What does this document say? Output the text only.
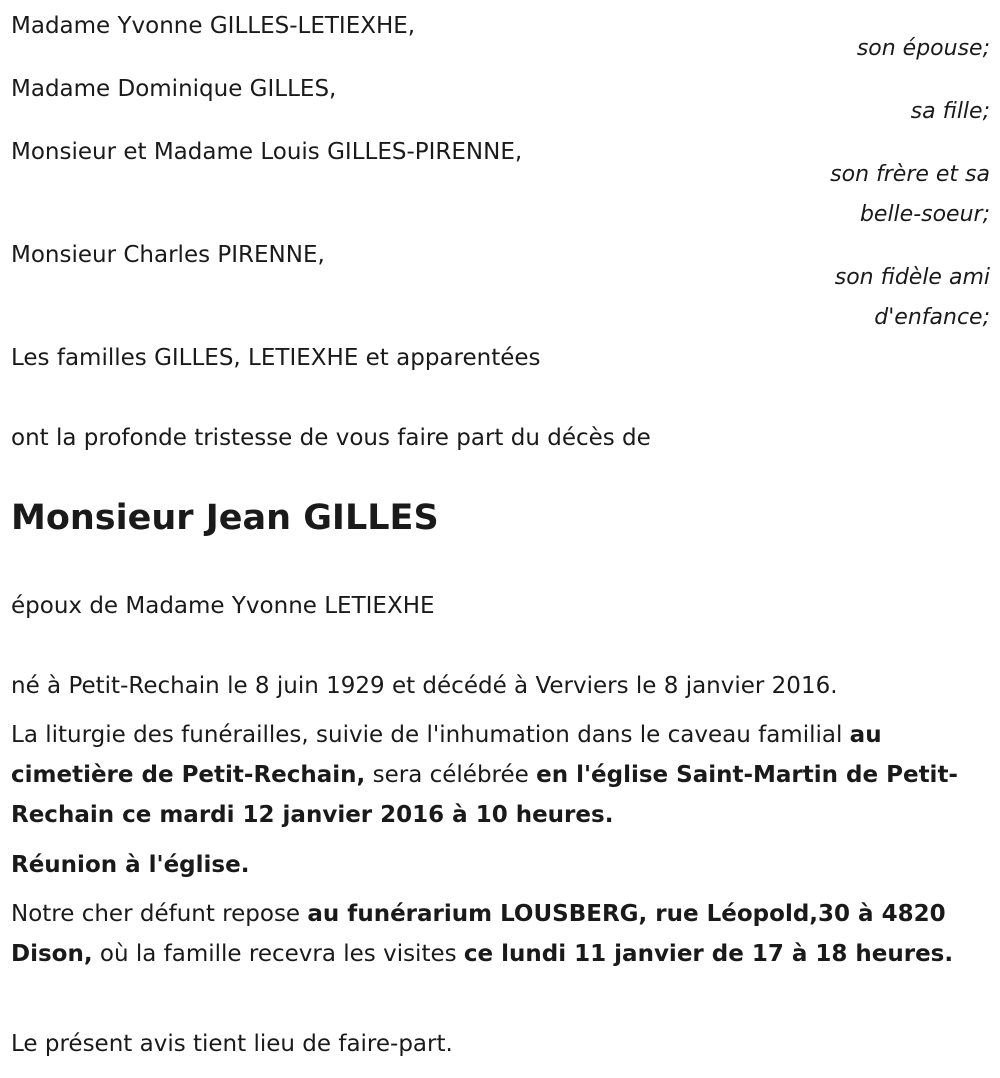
Madame Yvonne GILLES-LETIEXHE,
son épouse;
Madame Dominique GILLES,
sa fille;
Monsieur et Madame Louis GILLES-PIRENNE,
son frère et sa
belle-soeur;
Monsieur Charles PIRENNE,
son fidèle ami
d'enfance;
Les familles GILLES, LETIEXHE et apparentées
ont la profonde tristesse de vous faire part du décès de
Monsieur Jean GILLES
époux de Madame Yvonne LETIEXHE
né à Petit-Rechain le 8 juin 1929 et décédé à Verviers le 8 janvier 2016.
La liturgie des funérailles, suivie de l'inhumation dans le caveau familial au cimetière de Petit-Rechain, sera célébrée en l'église Saint-Martin de Petit-Rechain ce mardi 12 janvier 2016 à 10 heures.
Réunion à l'église.
Notre cher défunt repose au funérarium LOUSBERG, rue Léopold,30 à 4820 Dison, où la famille recevra les visites ce lundi 11 janvier de 17 à 18 heures.
Le présent avis tient lieu de faire-part.
